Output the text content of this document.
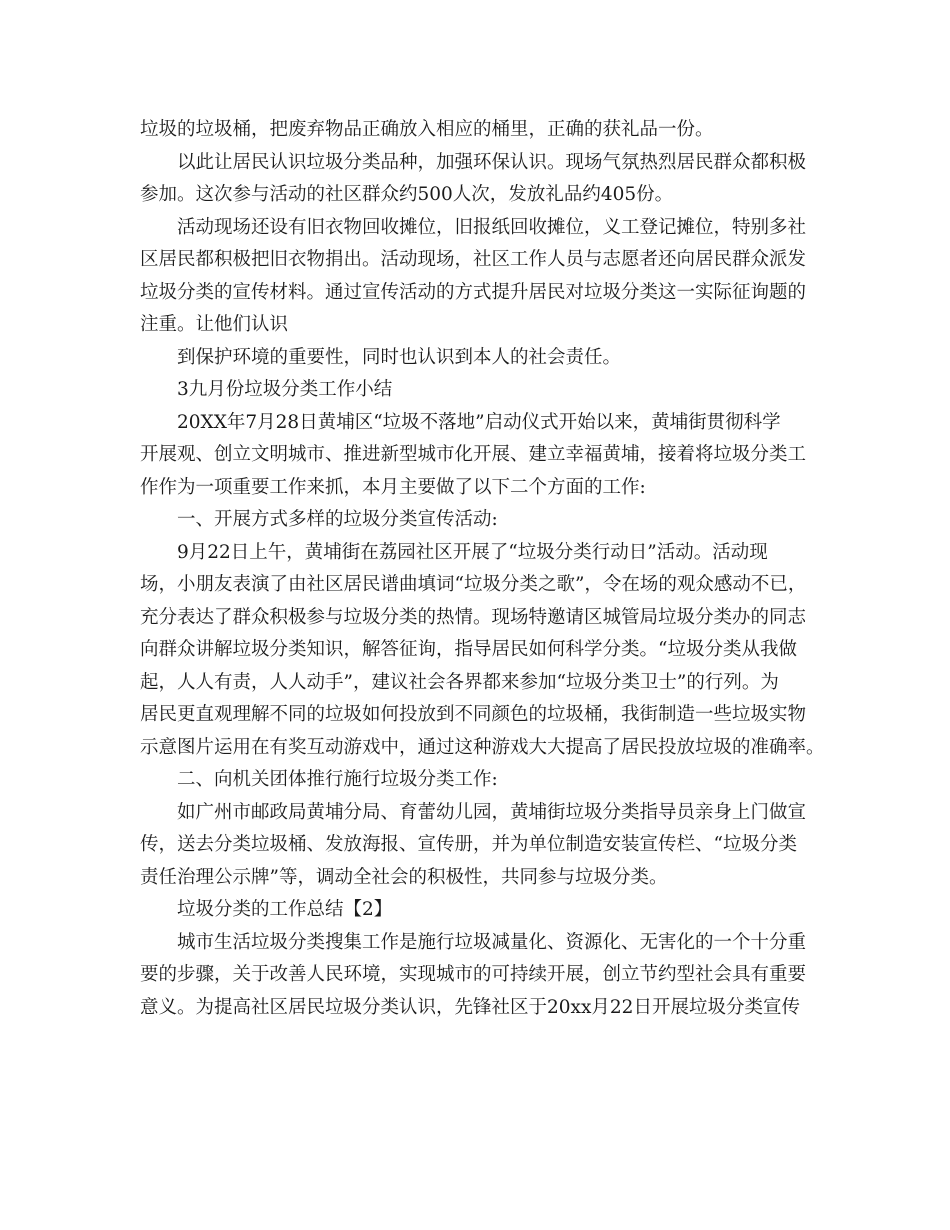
垃圾的垃圾桶，把废弃物品正确放入相应的桶里，正确的获礼品一份。
以此让居民认识垃圾分类品种，加强环保认识。现场气氛热烈居民群众都积极
参加。这次参与活动的社区群众约500人次，发放礼品约405份。
活动现场还设有旧衣物回收摊位，旧报纸回收摊位，义工登记摊位，特别多社
区居民都积极把旧衣物捐出。活动现场，社区工作人员与志愿者还向居民群众派发
垃圾分类的宣传材料。通过宣传活动的方式提升居民对垃圾分类这一实际征询题的
注重。让他们认识
到保护环境的重要性，同时也认识到本人的社会责任。
3九月份垃圾分类工作小结
20XX年7月28日黄埔区“垃圾不落地”启动仪式开始以来，黄埔街贯彻科学
开展观、创立文明城市、推进新型城市化开展、建立幸福黄埔，接着将垃圾分类工
作作为一项重要工作来抓，本月主要做了以下二个方面的工作:
一、开展方式多样的垃圾分类宣传活动:
9月22日上午，黄埔街在荔园社区开展了“垃圾分类行动日”活动。活动现
场，小朋友表演了由社区居民谱曲填词“垃圾分类之歌”，令在场的观众感动不已，
充分表达了群众积极参与垃圾分类的热情。现场特邀请区城管局垃圾分类办的同志
向群众讲解垃圾分类知识，解答征询，指导居民如何科学分类。“垃圾分类从我做
起，人人有责，人人动手”，建议社会各界都来参加“垃圾分类卫士”的行列。为
居民更直观理解不同的垃圾如何投放到不同颜色的垃圾桶，我街制造一些垃圾实物
示意图片运用在有奖互动游戏中，通过这种游戏大大提高了居民投放垃圾的准确率。
二、向机关团体推行施行垃圾分类工作:
如广州市邮政局黄埔分局、育蕾幼儿园，黄埔街垃圾分类指导员亲身上门做宣
传，送去分类垃圾桶、发放海报、宣传册，并为单位制造安装宣传栏、“垃圾分类
责任治理公示牌”等，调动全社会的积极性，共同参与垃圾分类。
垃圾分类的工作总结【2】
城市生活垃圾分类搜集工作是施行垃圾减量化、资源化、无害化的一个十分重
要的步骤，关于改善人民环境，实现城市的可持续开展，创立节约型社会具有重要
意义。为提高社区居民垃圾分类认识，先锋社区于20xx月22日开展垃圾分类宣传
